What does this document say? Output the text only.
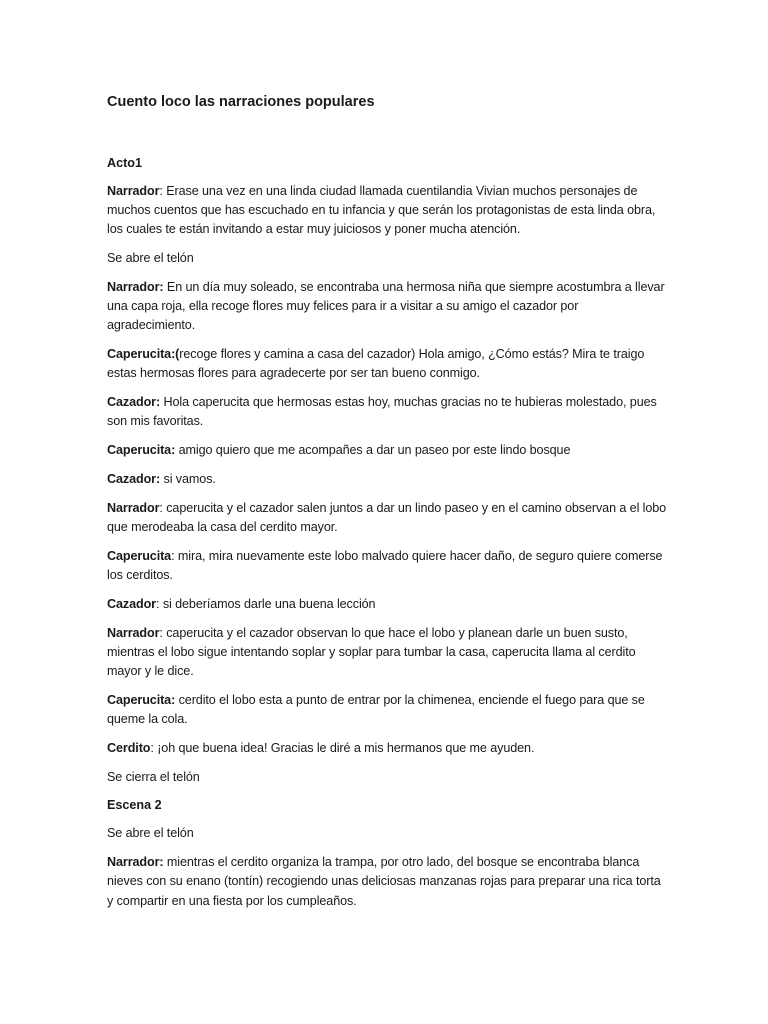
Cuento loco las narraciones populares
Acto1
Narrador: Erase una vez en una linda ciudad llamada cuentilandia Vivian muchos personajes de muchos cuentos que has escuchado en tu infancia y que serán los protagonistas de esta linda obra, los cuales te están invitando a estar muy juiciosos y poner mucha atención.
Se abre el telón
Narrador: En un día muy soleado, se encontraba una hermosa niña que siempre acostumbra a llevar una capa roja, ella recoge flores muy felices para ir a visitar a su amigo el cazador por agradecimiento.
Caperucita:(recoge flores y camina a casa del cazador) Hola amigo, ¿Cómo estás? Mira te traigo estas hermosas flores para agradecerte por ser tan bueno conmigo.
Cazador: Hola caperucita que hermosas estas hoy, muchas gracias no te hubieras molestado, pues son mis favoritas.
Caperucita: amigo quiero que me acompañes a dar un paseo por este lindo bosque
Cazador: si vamos.
Narrador: caperucita y el cazador salen juntos a dar un lindo paseo y en el camino observan a el lobo que merodeaba la casa del cerdito mayor.
Caperucita: mira, mira nuevamente este lobo malvado quiere hacer daño, de seguro quiere comerse los cerditos.
Cazador: si deberíamos darle una buena lección
Narrador: caperucita y el cazador observan lo que hace el lobo y planean darle un buen susto, mientras el lobo sigue intentando soplar y soplar para tumbar la casa, caperucita llama al cerdito mayor y le dice.
Caperucita: cerdito el lobo esta a punto de entrar por la chimenea, enciende el fuego para que se queme la cola.
Cerdito: ¡oh que buena idea! Gracias le diré a mis hermanos que me ayuden.
Se cierra el telón
Escena 2
Se abre el telón
Narrador: mientras el cerdito organiza la trampa, por otro lado, del bosque se encontraba blanca nieves con su enano (tontín) recogiendo unas deliciosas manzanas rojas para preparar una rica torta y compartir en una fiesta por los cumpleaños.
